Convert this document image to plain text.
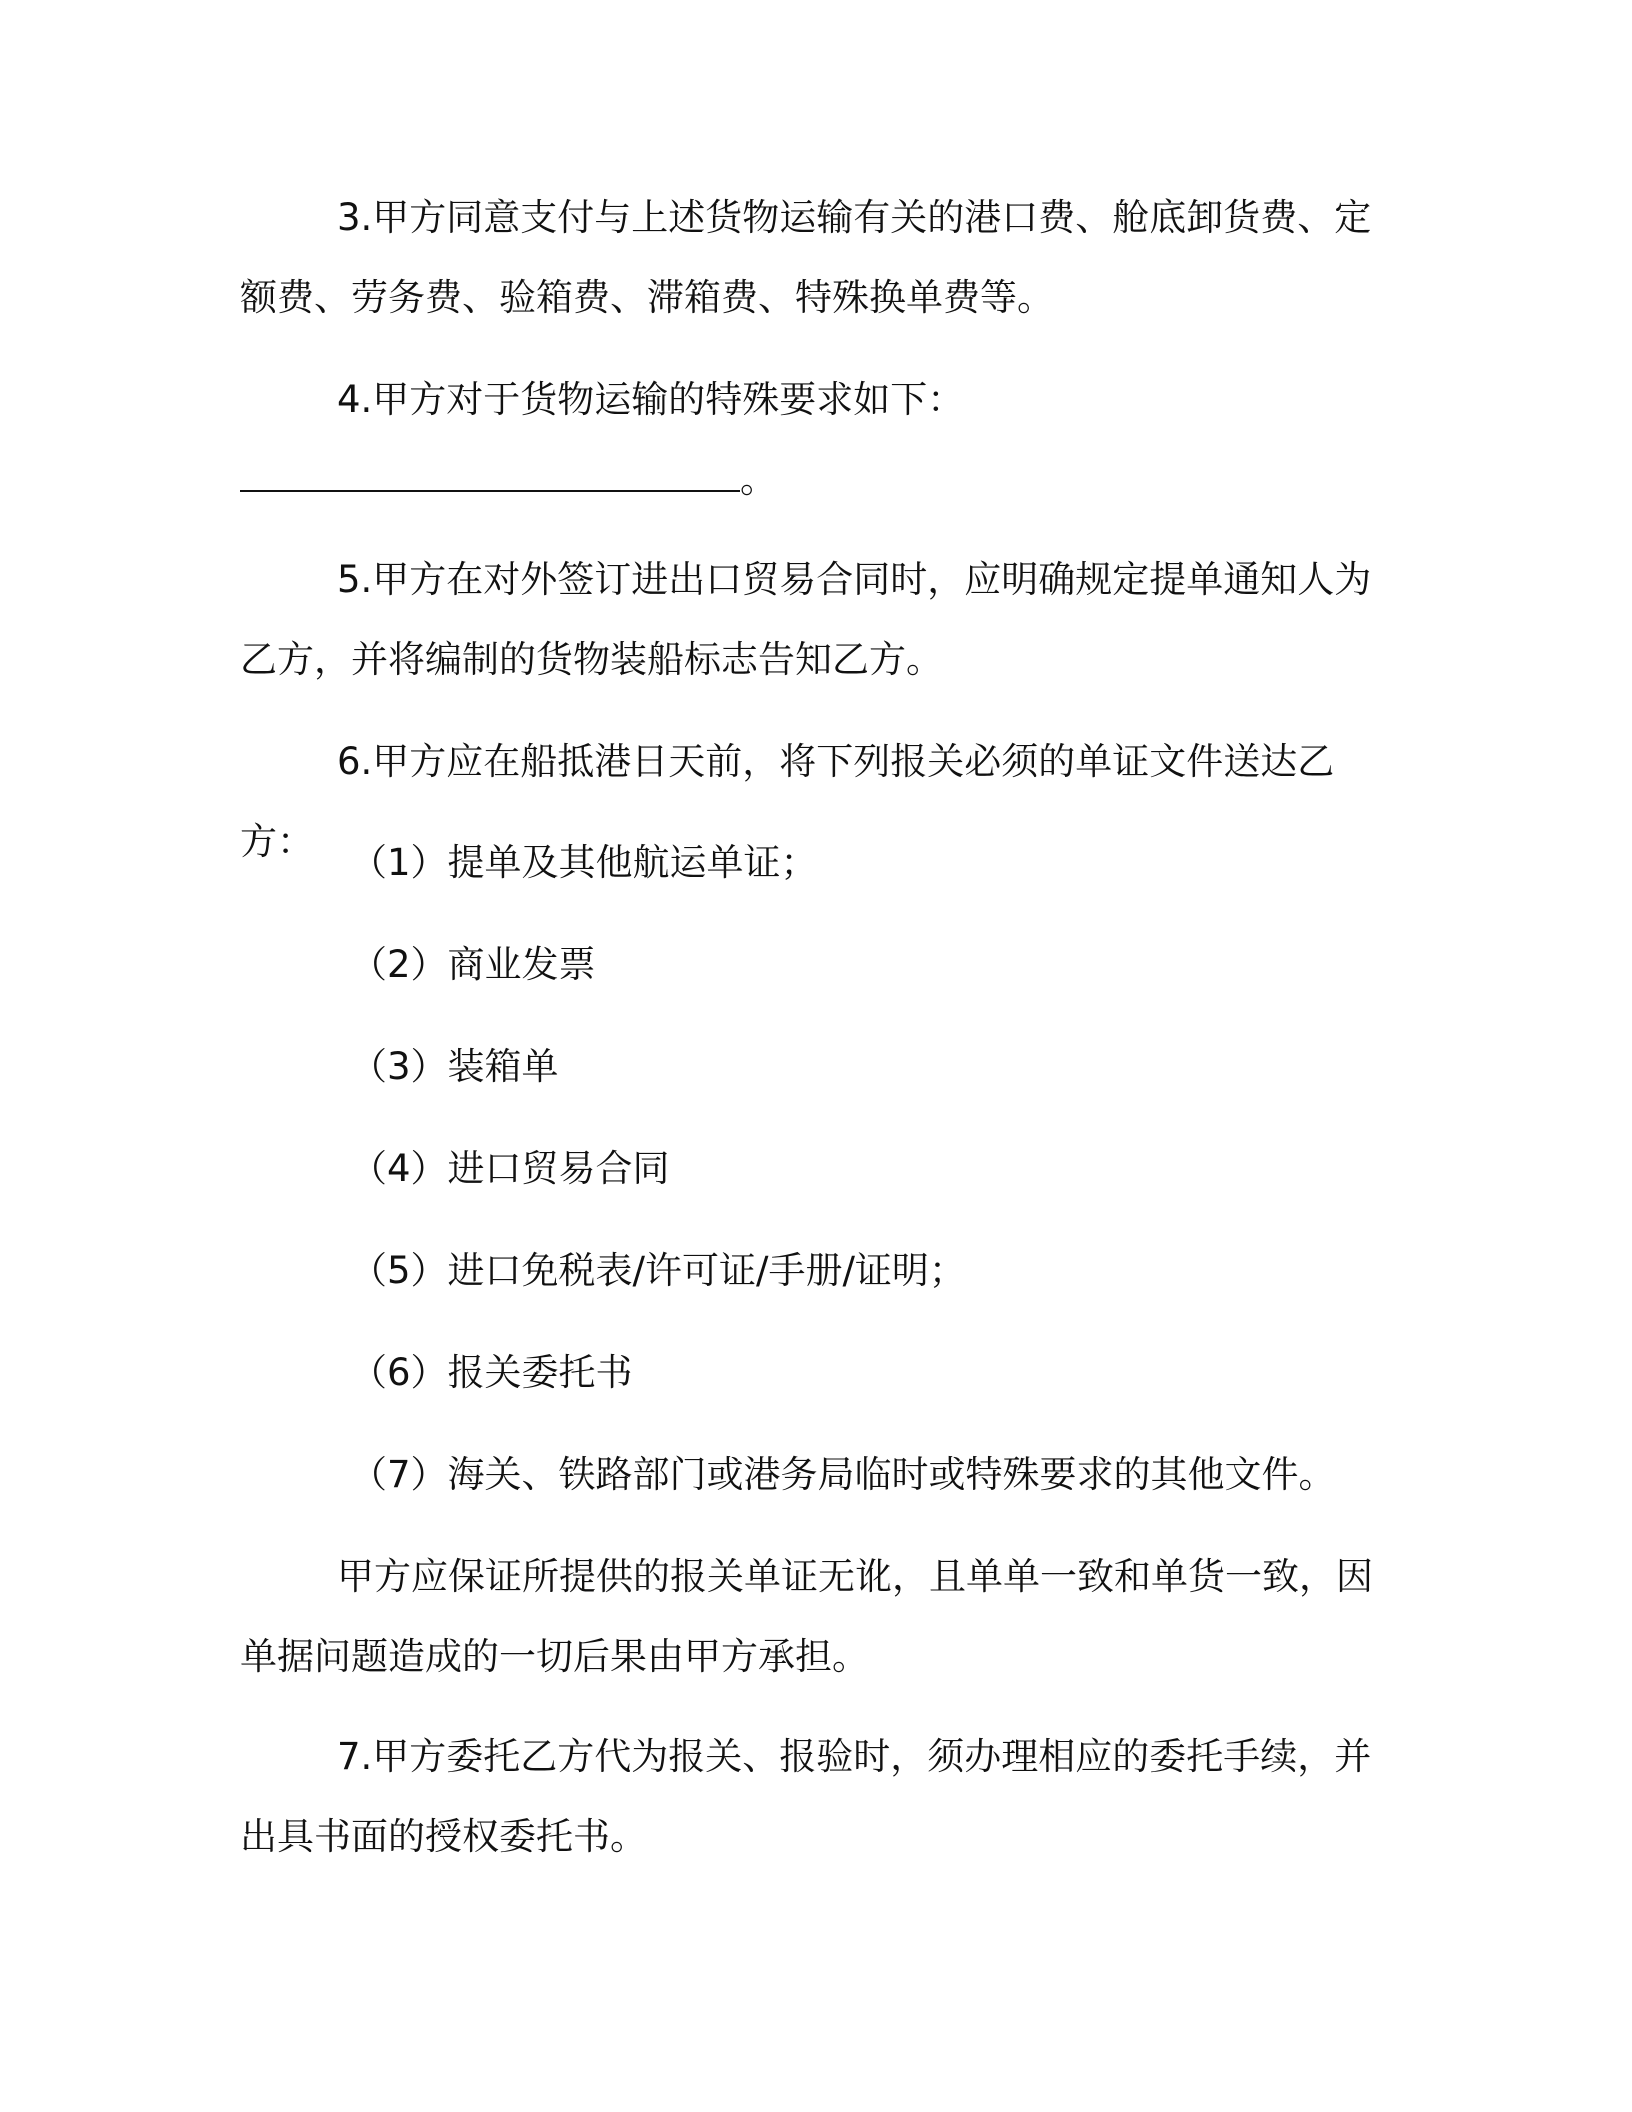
3.甲方同意支付与上述货物运输有关的港口费、舱底卸货费、定额费、劳务费、验箱费、滞箱费、特殊换单费等。

4.甲方对于货物运输的特殊要求如下：

。

5.甲方在对外签订进出口贸易合同时，应明确规定提单通知人为乙方，并将编制的货物装船标志告知乙方。

6.甲方应在船抵港日天前，将下列报关必须的单证文件送达乙方： （1）提单及其他航运单证；

（2）商业发票

（3）装箱单

（4）进口贸易合同

（5）进口免税表/许可证/手册/证明；

（6）报关委托书

（7）海关、铁路部门或港务局临时或特殊要求的其他文件。

甲方应保证所提供的报关单证无讹，且单单一致和单货一致，因单据问题造成的一切后果由甲方承担。

7.甲方委托乙方代为报关、报验时，须办理相应的委托手续，并出具书面的授权委托书。
